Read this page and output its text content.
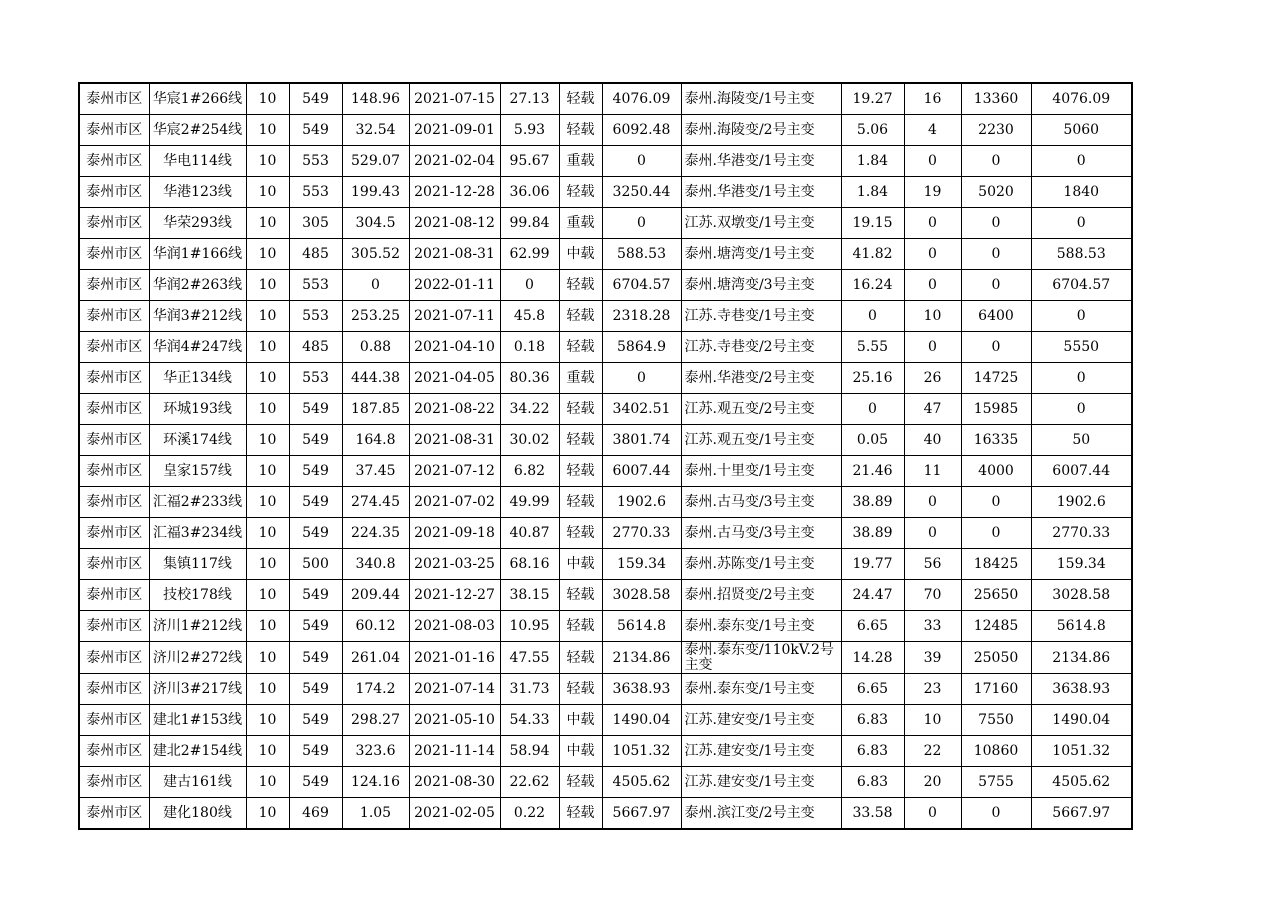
泰州市区	华宸1#266线	10	549	148.96	2021-07-15	27.13	轻载	4076.09	泰州.海陵变/1号主变	19.27	16	13360	4076.09
泰州市区	华宸2#254线	10	549	32.54	2021-09-01	5.93	轻载	6092.48	泰州.海陵变/2号主变	5.06	4	2230	5060
泰州市区	华电114线	10	553	529.07	2021-02-04	95.67	重载	0	泰州.华港变/1号主变	1.84	0	0	0
泰州市区	华港123线	10	553	199.43	2021-12-28	36.06	轻载	3250.44	泰州.华港变/1号主变	1.84	19	5020	1840
泰州市区	华荣293线	10	305	304.5	2021-08-12	99.84	重载	0	江苏.双墩变/1号主变	19.15	0	0	0
泰州市区	华润1#166线	10	485	305.52	2021-08-31	62.99	中载	588.53	泰州.塘湾变/1号主变	41.82	0	0	588.53
泰州市区	华润2#263线	10	553	0	2022-01-11	0	轻载	6704.57	泰州.塘湾变/3号主变	16.24	0	0	6704.57
泰州市区	华润3#212线	10	553	253.25	2021-07-11	45.8	轻载	2318.28	江苏.寺巷变/1号主变	0	10	6400	0
泰州市区	华润4#247线	10	485	0.88	2021-04-10	0.18	轻载	5864.9	江苏.寺巷变/2号主变	5.55	0	0	5550
泰州市区	华正134线	10	553	444.38	2021-04-05	80.36	重载	0	泰州.华港变/2号主变	25.16	26	14725	0
泰州市区	环城193线	10	549	187.85	2021-08-22	34.22	轻载	3402.51	江苏.观五变/2号主变	0	47	15985	0
泰州市区	环溪174线	10	549	164.8	2021-08-31	30.02	轻载	3801.74	江苏.观五变/1号主变	0.05	40	16335	50
泰州市区	皇家157线	10	549	37.45	2021-07-12	6.82	轻载	6007.44	泰州.十里变/1号主变	21.46	11	4000	6007.44
泰州市区	汇福2#233线	10	549	274.45	2021-07-02	49.99	轻载	1902.6	泰州.古马变/3号主变	38.89	0	0	1902.6
泰州市区	汇福3#234线	10	549	224.35	2021-09-18	40.87	轻载	2770.33	泰州.古马变/3号主变	38.89	0	0	2770.33
泰州市区	集镇117线	10	500	340.8	2021-03-25	68.16	中载	159.34	泰州.苏陈变/1号主变	19.77	56	18425	159.34
泰州市区	技校178线	10	549	209.44	2021-12-27	38.15	轻载	3028.58	泰州.招贤变/2号主变	24.47	70	25650	3028.58
泰州市区	济川1#212线	10	549	60.12	2021-08-03	10.95	轻载	5614.8	泰州.泰东变/1号主变	6.65	33	12485	5614.8
泰州市区	济川2#272线	10	549	261.04	2021-01-16	47.55	轻载	2134.86	泰州.泰东变/110kV.2号主变	14.28	39	25050	2134.86
泰州市区	济川3#217线	10	549	174.2	2021-07-14	31.73	轻载	3638.93	泰州.泰东变/1号主变	6.65	23	17160	3638.93
泰州市区	建北1#153线	10	549	298.27	2021-05-10	54.33	中载	1490.04	江苏.建安变/1号主变	6.83	10	7550	1490.04
泰州市区	建北2#154线	10	549	323.6	2021-11-14	58.94	中载	1051.32	江苏.建安变/1号主变	6.83	22	10860	1051.32
泰州市区	建古161线	10	549	124.16	2021-08-30	22.62	轻载	4505.62	江苏.建安变/1号主变	6.83	20	5755	4505.62
泰州市区	建化180线	10	469	1.05	2021-02-05	0.22	轻载	5667.97	泰州.滨江变/2号主变	33.58	0	0	5667.97
